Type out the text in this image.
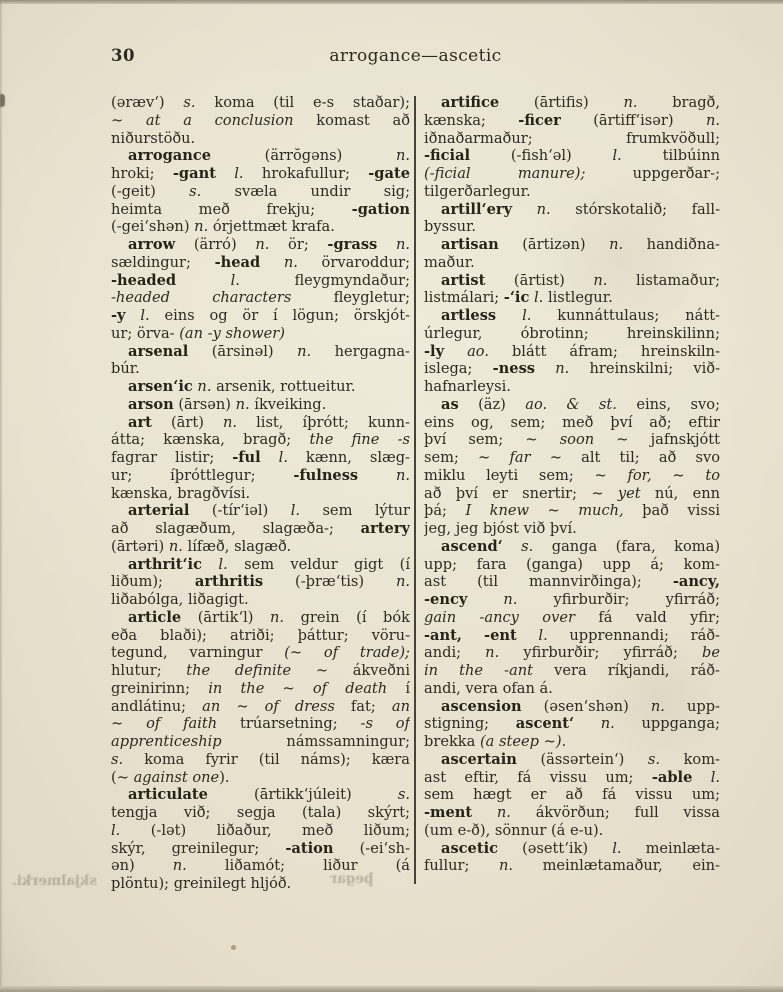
30	arrogance—ascetic
(əræv‘) s. koma (til e-s staðar);
~ at a conclusion komast að
niðurstöðu.
arrogance (ärrŏgəns) n.
hroki; -gant l. hrokafullur; -gate
(-geit) s. svæla undir sig;
heimta með frekju; -gation
(-gei‘shən) n. órjettmæt krafa.
arrow (ärró) n. ör; -grass n.
sældingur; -head n. örvaroddur;
-headed	l. fleygmyndaður;
-headed characters fleygletur;
-y l. eins og ör í lögun; örskjót-
ur; örva- (an -y shower)
arsenal (ārsinəl) n. hergagna-
búr.
arsen‘ic n. arsenik, rottueitur.
arson (ārsən) n. íkveiking.
art (ārt) n. list, íþrótt; kunn-
átta; kænska, bragð; the fine -s
fagrar listir; -ful l. kænn, slæg-
ur; íþróttlegur; -fulness	n.
kænska, bragðvísi.
arterial (-tír‘iəl) l. sem lýtur
að slagæðum, slagæða-; artery
(ārtəri) n. lífæð, slagæð.
arthrit‘ic l. sem veldur gigt (í
liðum); arthritis (-þræ‘tis) n.
liðabólga, liðagigt.
article (ārtik‘l) n. grein (í bók
eða blaði); atriði; þáttur; vöru-
tegund, varningur (~ of trade);
hlutur; the definite ~ ákveðni
greinirinn; in the ~ of death í
andlátinu; an ~ of dress fat; an
~ of faith trúarsetning; -s of
apprenticeship námssamningur;
s. koma fyrir (til náms); kæra
(~ against one).
articulate (ārtikk‘júleit) s.
tengja við; segja (tala) skýrt;
l. (-lət) liðaður, með liðum;
skýr, greinilegur; -ation (-ei‘sh-
ən) n. liðamót; liður (á
plöntu); greinilegt hljóð.
artifice (ārtifis) n. bragð,
kænska; -ficer (ārtiff‘isər) n.
iðnaðarmaður; frumkvöðull;
-ficial (-fish‘əl) l. tilbúinn
(-ficial manure); uppgerðar-;
tilgerðarlegur.
artill‘ery n. stórskotalið; fall-
byssur.
artisan (ārtizən) n. handiðna-
maður.
artist (ārtist) n. listamaður;
listmálari; -‘ic l. listlegur.
artless l. kunnáttulaus; nátt-
úrlegur, óbrotinn; hreinskilinn;
-ly ao. blátt áfram; hreinskiln-
islega; -ness n. hreinskilni; við-
hafnarleysi.
as (äz) ao. & st. eins, svo;
eins og, sem; með því að; eftir
því sem; ~ soon ~ jafnskjótt
sem; ~ far ~ alt til; að svo
miklu leyti sem; ~ for, ~ to
að því er snertir; ~ yet nú, enn
þá; I knew ~ much, það vissi
jeg, jeg bjóst við því.
ascend‘ s. ganga (fara, koma)
upp; fara (ganga) upp á; kom-
ast (til mannvirðinga); -ancy,
-ency n. yfirburðir; yfirráð;
gain -ancy over fá vald yfir;
-ant, -ent l. upprennandi; ráð-
andi; n. yfirburðir; yfirráð; be
in the -ant vera ríkjandi, ráð-
andi, vera ofan á.
ascension (əsen‘shən) n. upp-
stigning; ascent‘ n. uppganga;
brekka (a steep ~).
ascertain (ässərtein‘) s. kom-
ast eftir, fá vissu um; -able l.
sem hægt er að fá vissu um;
-ment n. ákvörðun; full vissa
(um e-ð), sönnur (á e-u).
ascetic (əsett‘ik) l. meinlæta-
fullur; n. meinlætamaður, ein-
skjalmerki.	þegar
